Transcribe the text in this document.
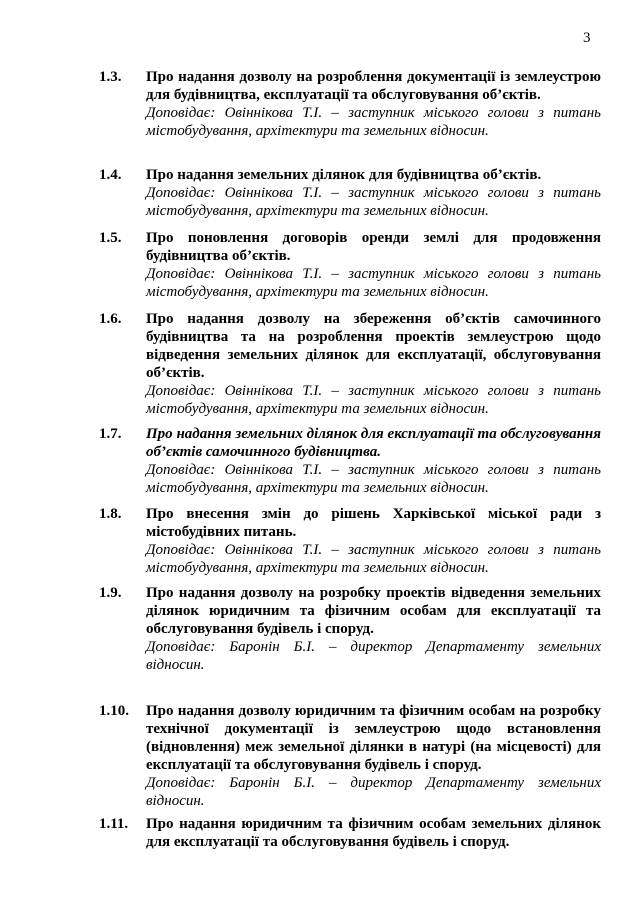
3
1.3. Про надання дозволу на розроблення документації із землеустрою для будівництва, експлуатації та обслуговування об’єктів.
Доповідає: Овіннікова Т.І. – заступник міського голови з питань містобудування, архітектури та земельних відносин.
1.4. Про надання земельних ділянок для будівництва об’єктів.
Доповідає: Овіннікова Т.І. – заступник міського голови з питань містобудування, архітектури та земельних відносин.
1.5. Про поновлення договорів оренди землі для продовження будівництва об’єктів.
Доповідає: Овіннікова Т.І. – заступник міського голови з питань містобудування, архітектури та земельних відносин.
1.6. Про надання дозволу на збереження об’єктів самочинного будівництва та на розроблення проектів землеустрою щодо відведення земельних ділянок для експлуатації, обслуговування об’єктів.
Доповідає: Овіннікова Т.І. – заступник міського голови з питань містобудування, архітектури та земельних відносин.
1.7. Про надання земельних ділянок для експлуатації та обслуговування об’єктів самочинного будівництва.
Доповідає: Овіннікова Т.І. – заступник міського голови з питань містобудування, архітектури та земельних відносин.
1.8. Про внесення змін до рішень Харківської міської ради з містобудівних питань.
Доповідає: Овіннікова Т.І. – заступник міського голови з питань містобудування, архітектури та земельних відносин.
1.9. Про надання дозволу на розробку проектів відведення земельних ділянок юридичним та фізичним особам для експлуатації та обслуговування будівель і споруд.
Доповідає: Баронін Б.І. – директор Департаменту земельних відносин.
1.10. Про надання дозволу юридичним та фізичним особам на розробку технічної документації із землеустрою щодо встановлення (відновлення) меж земельної ділянки в натурі (на місцевості) для експлуатації та обслуговування будівель і споруд.
Доповідає: Баронін Б.І. – директор Департаменту земельних відносин.
1.11. Про надання юридичним та фізичним особам земельних ділянок для експлуатації та обслуговування будівель і споруд.
